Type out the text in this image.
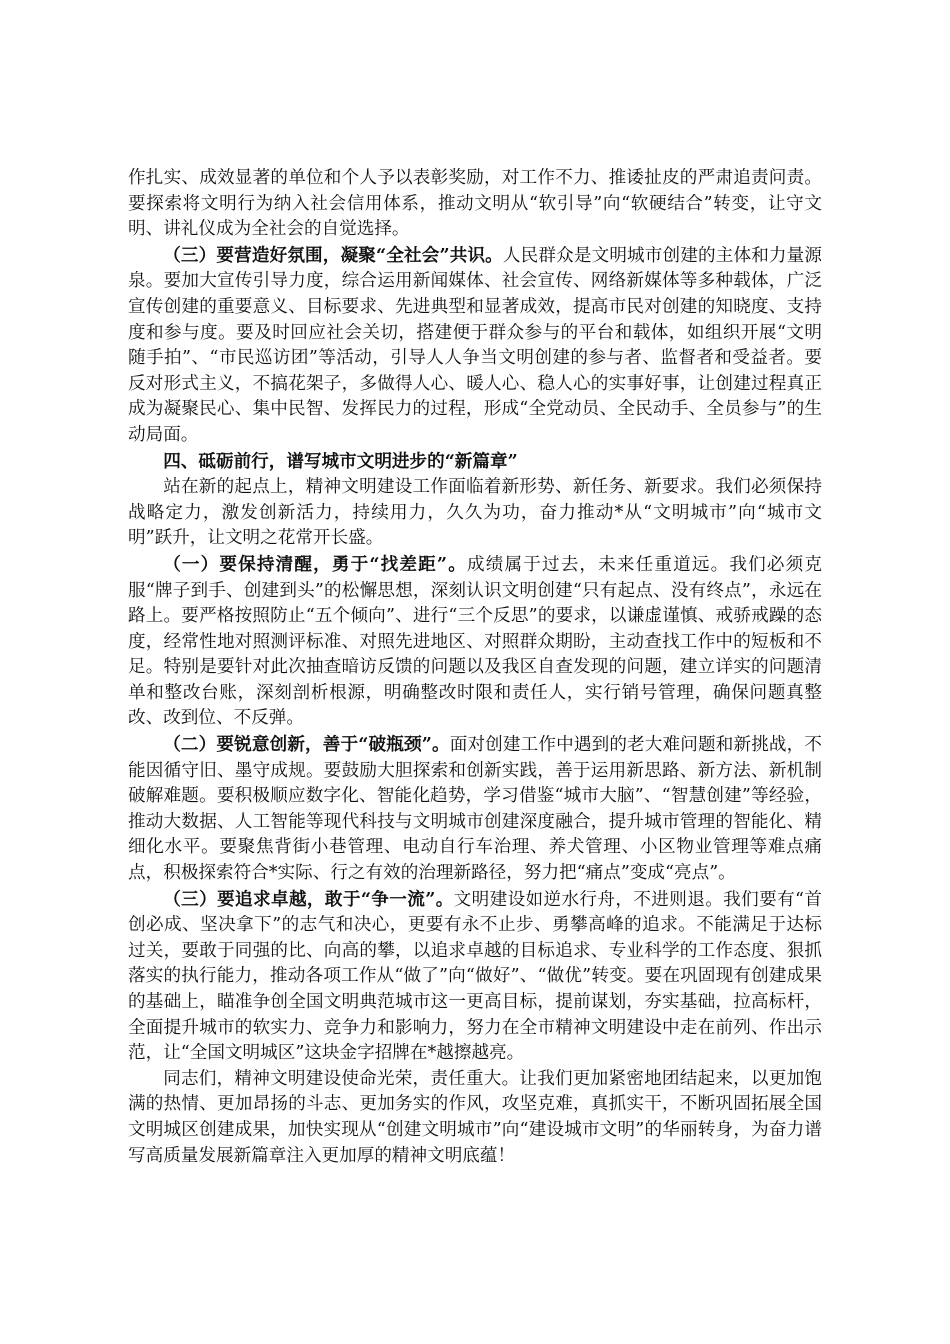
作扎实、成效显著的单位和个人予以表彰奖励，对工作不力、推诿扯皮的严肃追责问责。要探索将文明行为纳入社会信用体系，推动文明从“软引导”向“软硬结合”转变，让守文明、讲礼仪成为全社会的自觉选择。

（三）要营造好氛围，凝聚“全社会”共识。人民群众是文明城市创建的主体和力量源泉。要加大宣传引导力度，综合运用新闻媒体、社会宣传、网络新媒体等多种载体，广泛宣传创建的重要意义、目标要求、先进典型和显著成效，提高市民对创建的知晓度、支持度和参与度。要及时回应社会关切，搭建便于群众参与的平台和载体，如组织开展“文明随手拍”、“市民巡访团”等活动，引导人人争当文明创建的参与者、监督者和受益者。要反对形式主义，不搞花架子，多做得人心、暖人心、稳人心的实事好事，让创建过程真正成为凝聚民心、集中民智、发挥民力的过程，形成“全党动员、全民动手、全员参与”的生动局面。

四、砥砺前行，谱写城市文明进步的“新篇章”

站在新的起点上，精神文明建设工作面临着新形势、新任务、新要求。我们必须保持战略定力，激发创新活力，持续用力，久久为功，奋力推动*从“文明城市”向“城市文明”跃升，让文明之花常开长盛。

（一）要保持清醒，勇于“找差距”。成绩属于过去，未来任重道远。我们必须克服“牌子到手、创建到头”的松懈思想，深刻认识文明创建“只有起点、没有终点”，永远在路上。要严格按照防止“五个倾向”、进行“三个反思”的要求，以谦虚谨慎、戒骄戒躁的态度，经常性地对照测评标准、对照先进地区、对照群众期盼，主动查找工作中的短板和不足。特别是要针对此次抽查暗访反馈的问题以及我区自查发现的问题，建立详实的问题清单和整改台账，深刻剖析根源，明确整改时限和责任人，实行销号管理，确保问题真整改、改到位、不反弹。

（二）要锐意创新，善于“破瓶颈”。面对创建工作中遇到的老大难问题和新挑战，不能因循守旧、墨守成规。要鼓励大胆探索和创新实践，善于运用新思路、新方法、新机制破解难题。要积极顺应数字化、智能化趋势，学习借鉴“城市大脑”、“智慧创建”等经验，推动大数据、人工智能等现代科技与文明城市创建深度融合，提升城市管理的智能化、精细化水平。要聚焦背街小巷管理、电动自行车治理、养犬管理、小区物业管理等难点痛点，积极探索符合*实际、行之有效的治理新路径，努力把“痛点”变成“亮点”。

（三）要追求卓越，敢于“争一流”。文明建设如逆水行舟，不进则退。我们要有“首创必成、坚决拿下”的志气和决心，更要有永不止步、勇攀高峰的追求。不能满足于达标过关，要敢于同强的比、向高的攀，以追求卓越的目标追求、专业科学的工作态度、狠抓落实的执行能力，推动各项工作从“做了”向“做好”、“做优”转变。要在巩固现有创建成果的基础上，瞄准争创全国文明典范城市这一更高目标，提前谋划，夯实基础，拉高标杆，全面提升城市的软实力、竞争力和影响力，努力在全市精神文明建设中走在前列、作出示范，让“全国文明城区”这块金字招牌在*越擦越亮。

同志们，精神文明建设使命光荣，责任重大。让我们更加紧密地团结起来，以更加饱满的热情、更加昂扬的斗志、更加务实的作风，攻坚克难，真抓实干，不断巩固拓展全国文明城区创建成果，加快实现从“创建文明城市”向“建设城市文明”的华丽转身，为奋力谱写高质量发展新篇章注入更加厚的精神文明底蕴！
